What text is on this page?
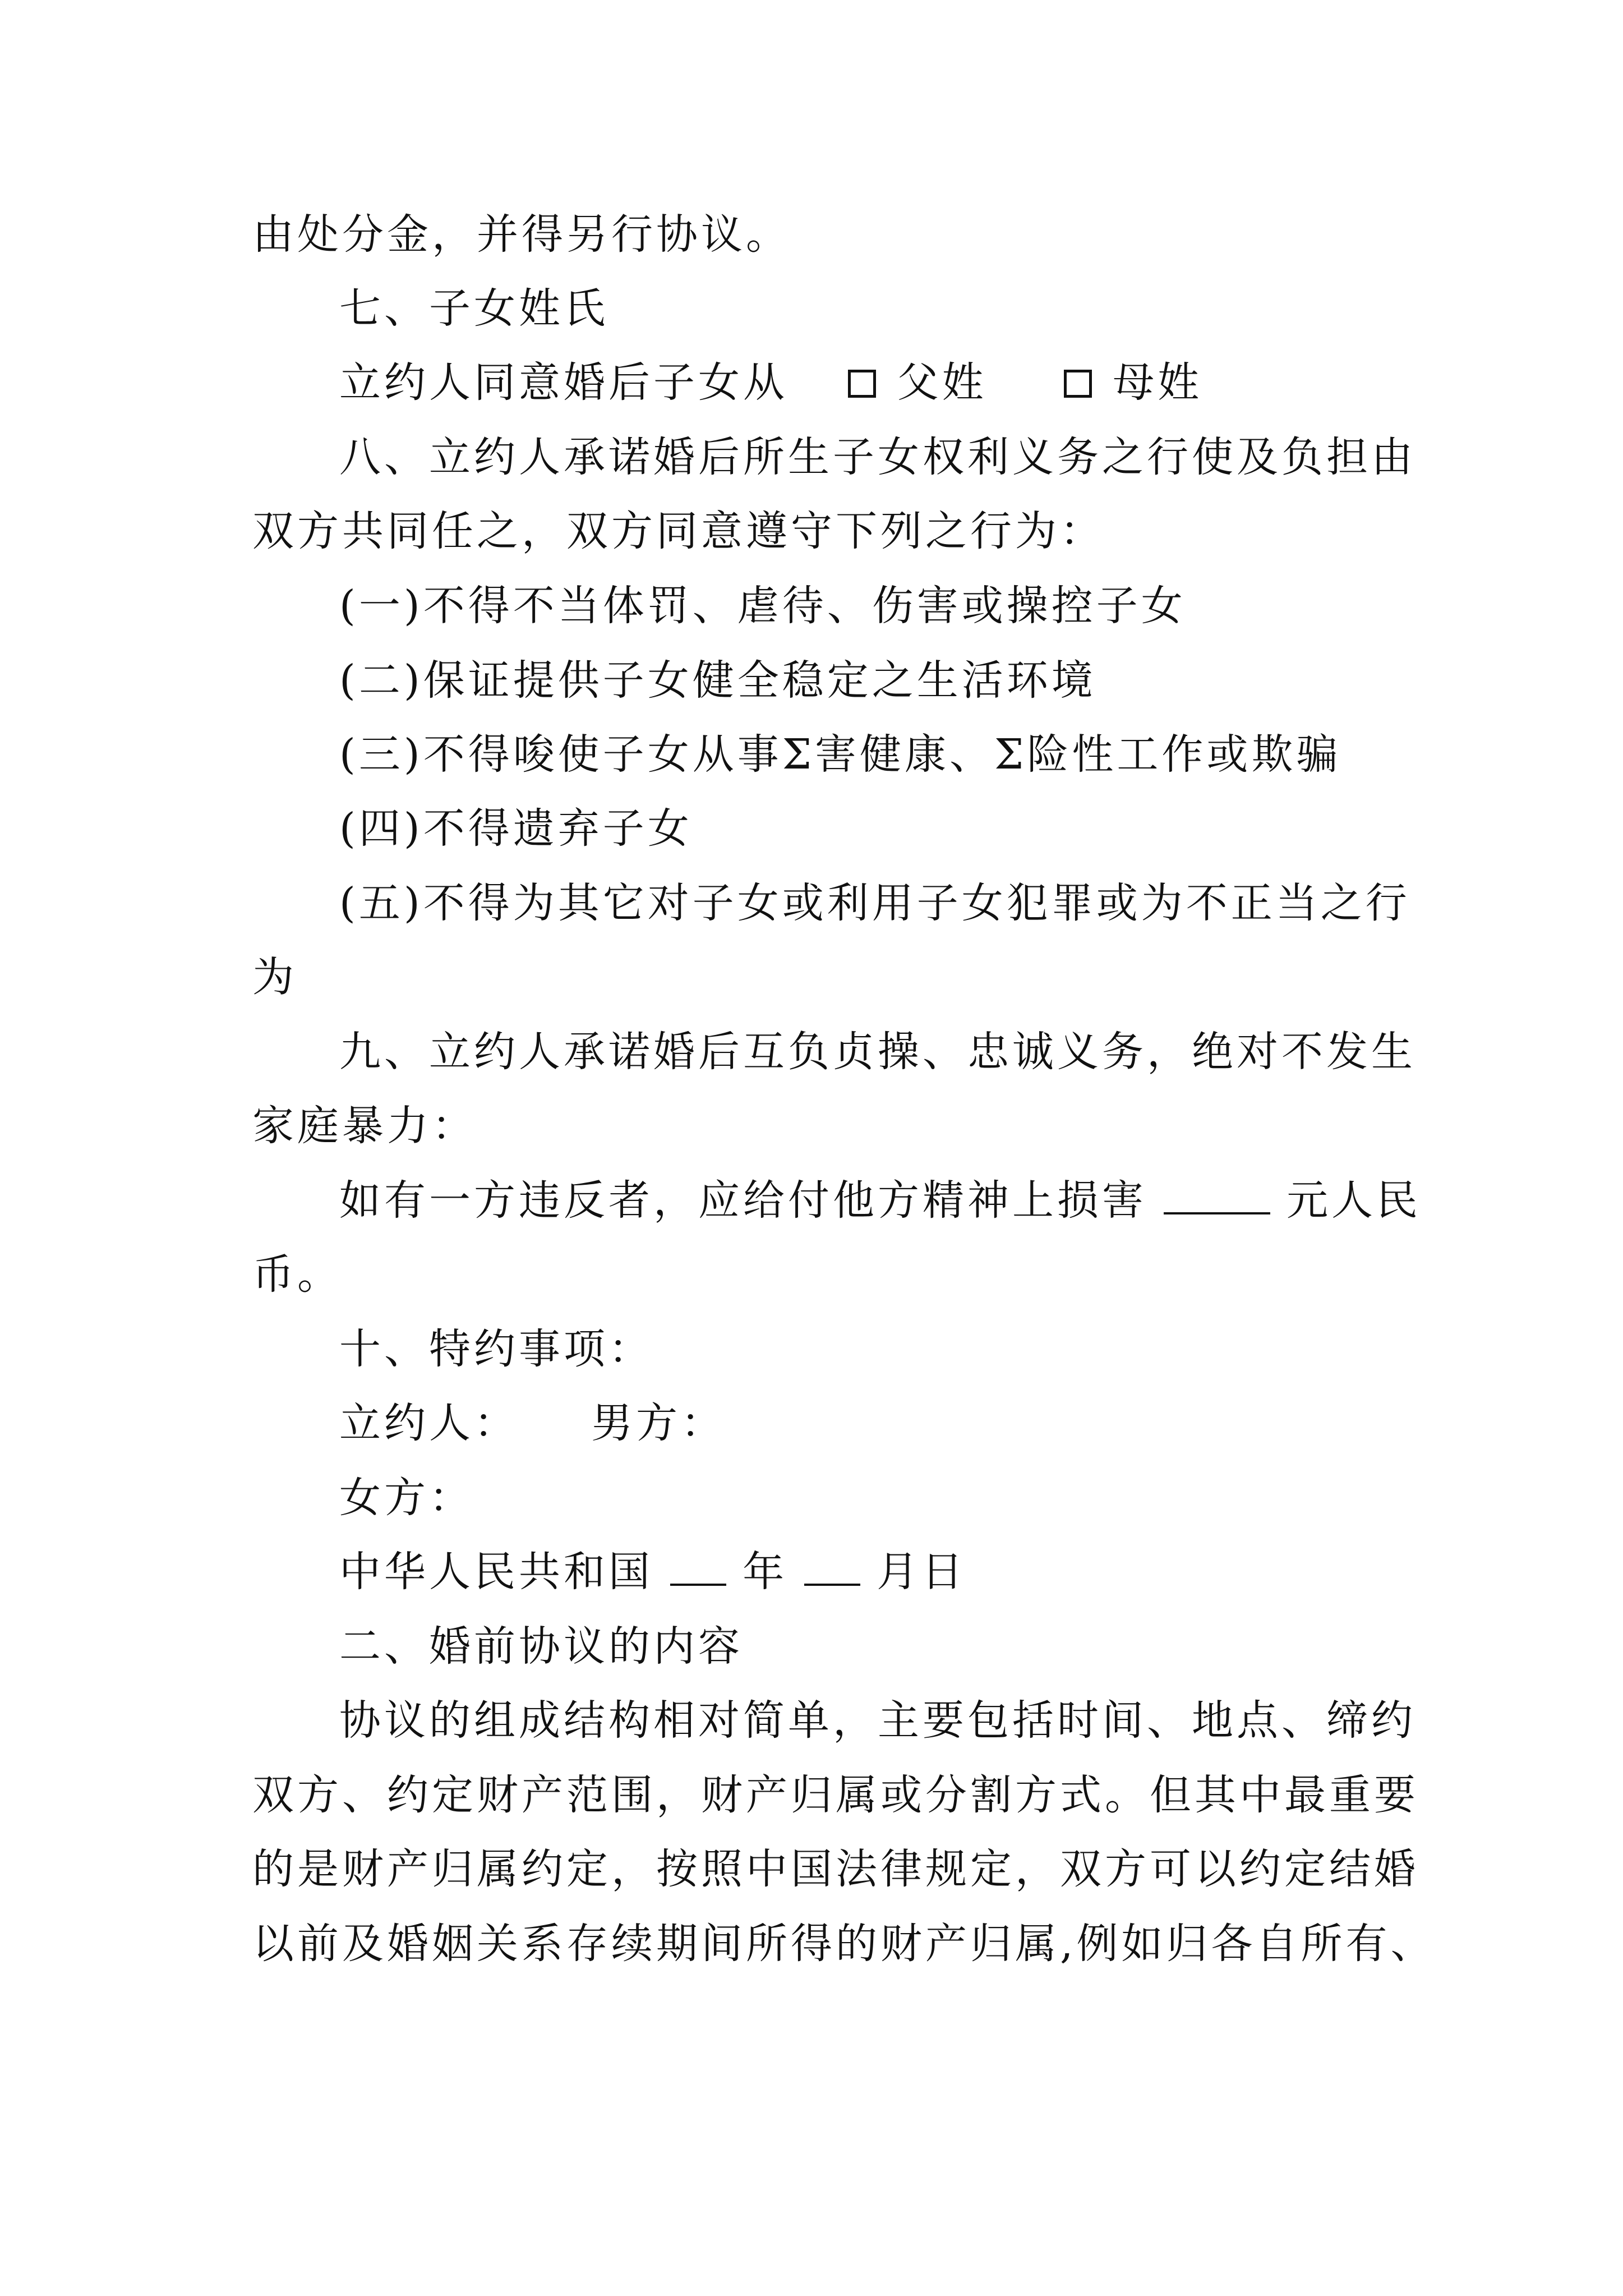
由处分金，并得另行协议。
七、子女姓氏
立约人同意婚后子女从	父姓	母姓
八、立约人承诺婚后所生子女权利义务之行使及负担由
双方共同任之，双方同意遵守下列之行为：
(一)不得不当体罚、虐待、伤害或操控子女
(二)保证提供子女健全稳定之生活环境
(三)不得唆使子女从事Σ害健康、Σ险性工作或欺骗
(四)不得遗弃子女
(五)不得为其它对子女或利用子女犯罪或为不正当之行
为
九、立约人承诺婚后互负贞操、忠诚义务，绝对不发生
家庭暴力：
如有一方违反者，应给付他方精神上损害	元人民
币。
十、特约事项：
立约人： 男方：
女方：
中华人民共和国 年 月日
二、婚前协议的内容
协议的组成结构相对简单，主要包括时间、地点、缔约
双方、约定财产范围，财产归属或分割方式。但其中最重要
的是财产归属约定，按照中国法律规定，双方可以约定结婚
以前及婚姻关系存续期间所得的财产归属,例如归各自所有、
